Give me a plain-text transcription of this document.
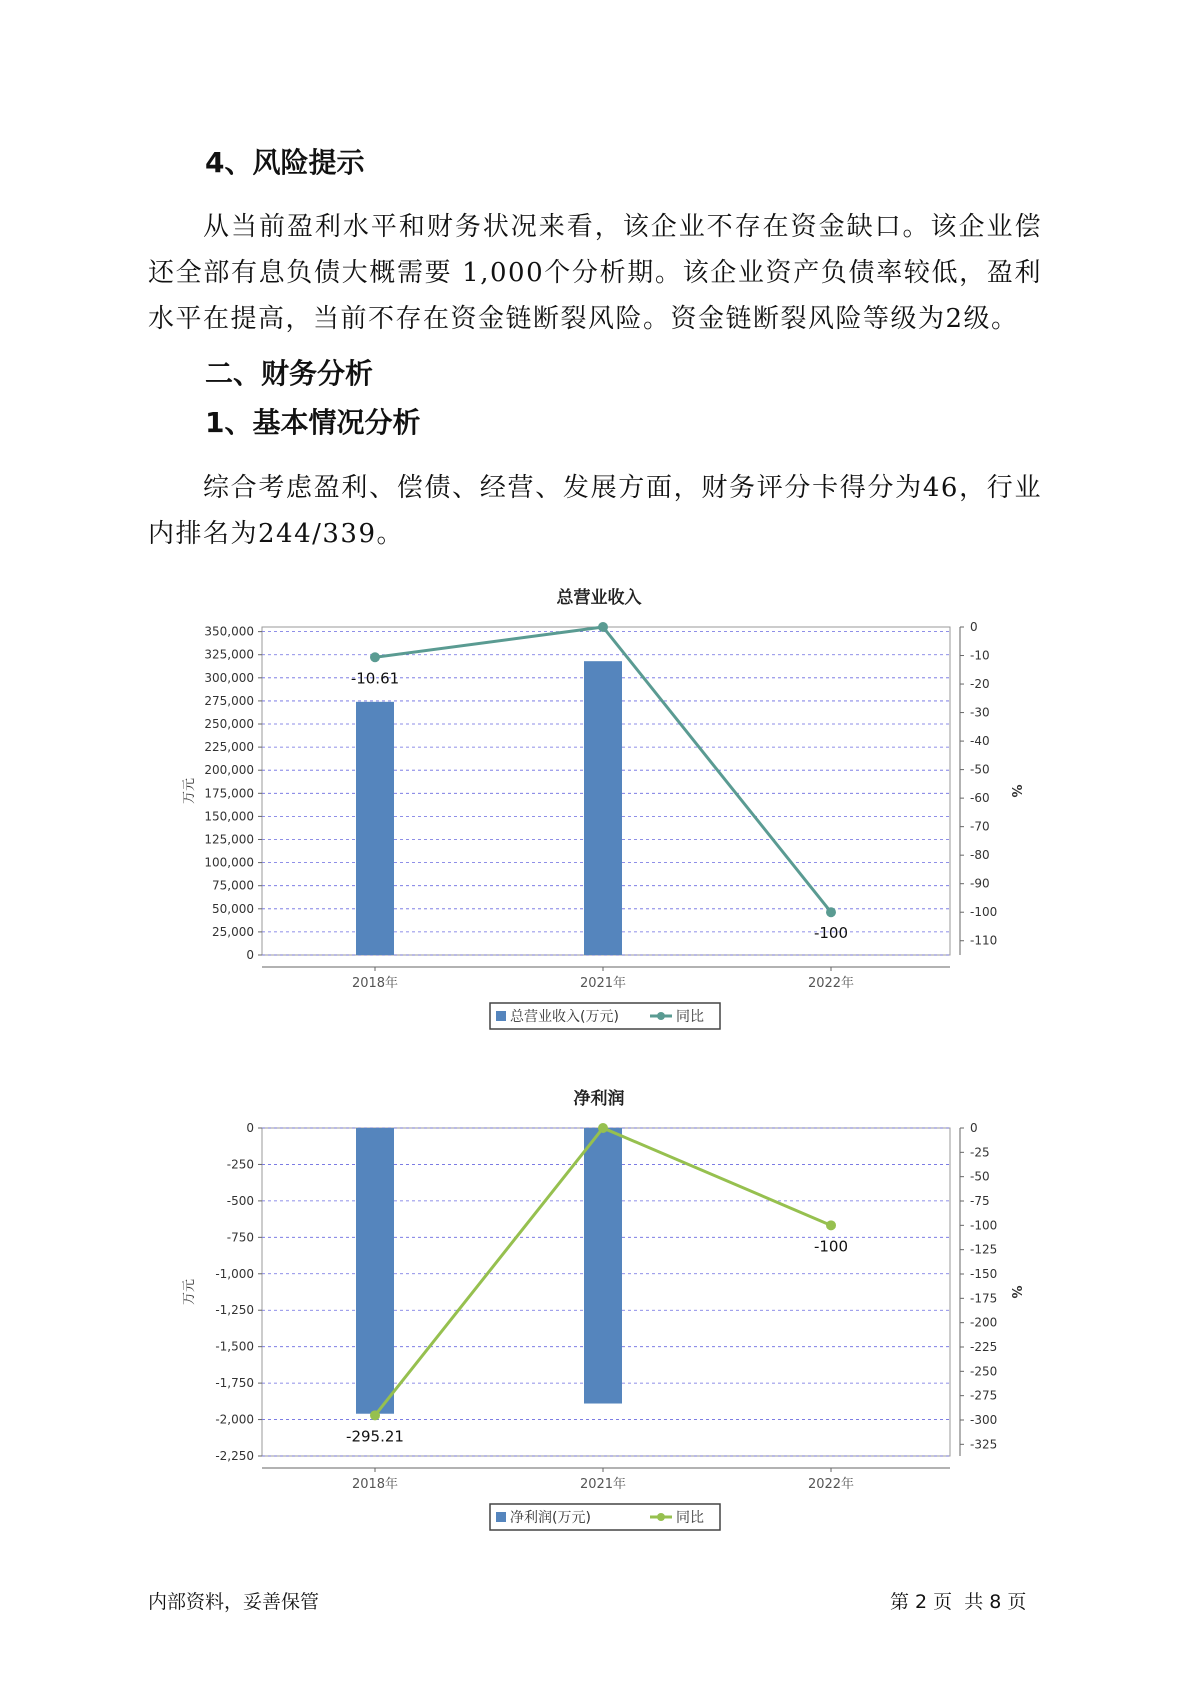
4、风险提示

从当前盈利水平和财务状况来看，该企业不存在资金缺口。该企业偿还全部有息负债大概需要 1,000个分析期。该企业资产负债率较低，盈利水平在提高，当前不存在资金链断裂风险。资金链断裂风险等级为2级。

二、财务分析
1、基本情况分析

综合考虑盈利、偿债、经营、发展方面，财务评分卡得分为46，行业内排名为244/339。

总营业收入
0
25,000
50,000
75,000
100,000
125,000
150,000
175,000
200,000
225,000
250,000
275,000
300,000
325,000
350,000	0
-10
-20
-30
-40
-50
-60
-70
-80
-90
-100
-110
万元	%
2018年	2021年	2022年
-10.61
-100
总营业收入(万元)	同比
净利润
0
-250
-500
-750
-1,000
-1,250
-1,500
-1,750
-2,000
-2,250
0
-25
-50
-75
-100
-125
-150
-175
-200
-225
-250
-275
-300
-325
万元	%
2018年	2021年	2022年
-295.21
-100
净利润(万元)	同比
内部资料，妥善保管	第 2 页  共 8 页
